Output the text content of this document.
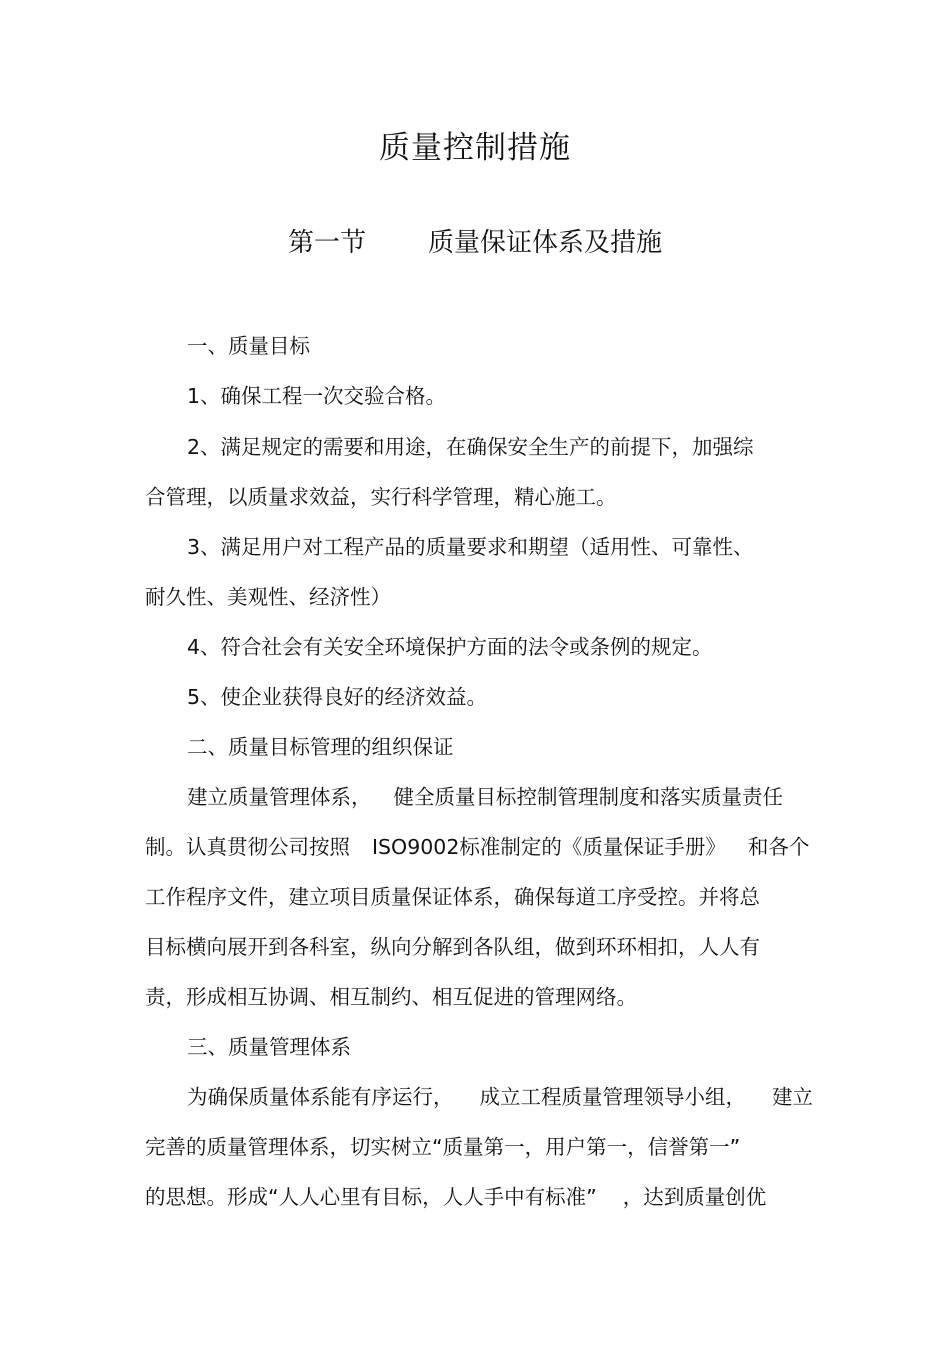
质量控制措施
第一节 质量保证体系及措施
一、质量目标
1、确保工程一次交验合格。
2、满足规定的需要和用途，在确保安全生产的前提下，加强综
合管理，以质量求效益，实行科学管理，精心施工。
3、满足用户对工程产品的质量要求和期望（适用性、可靠性、
耐久性、美观性、经济性）
4、符合社会有关安全环境保护方面的法令或条例的规定。
5、使企业获得良好的经济效益。
二、质量目标管理的组织保证
建立质量管理体系， 健全质量目标控制管理制度和落实质量责任
制。认真贯彻公司按照 ISO9002标准制定的《质量保证手册》 和各个
工作程序文件，建立项目质量保证体系，确保每道工序受控。并将总
目标横向展开到各科室，纵向分解到各队组，做到环环相扣，人人有
责，形成相互协调、相互制约、相互促进的管理网络。
三、质量管理体系
为确保质量体系能有序运行， 成立工程质量管理领导小组， 建立
完善的质量管理体系，切实树立“质量第一，用户第一，信誉第一”
的思想。形成“人人心里有目标，人人手中有标准” ，达到质量创优
